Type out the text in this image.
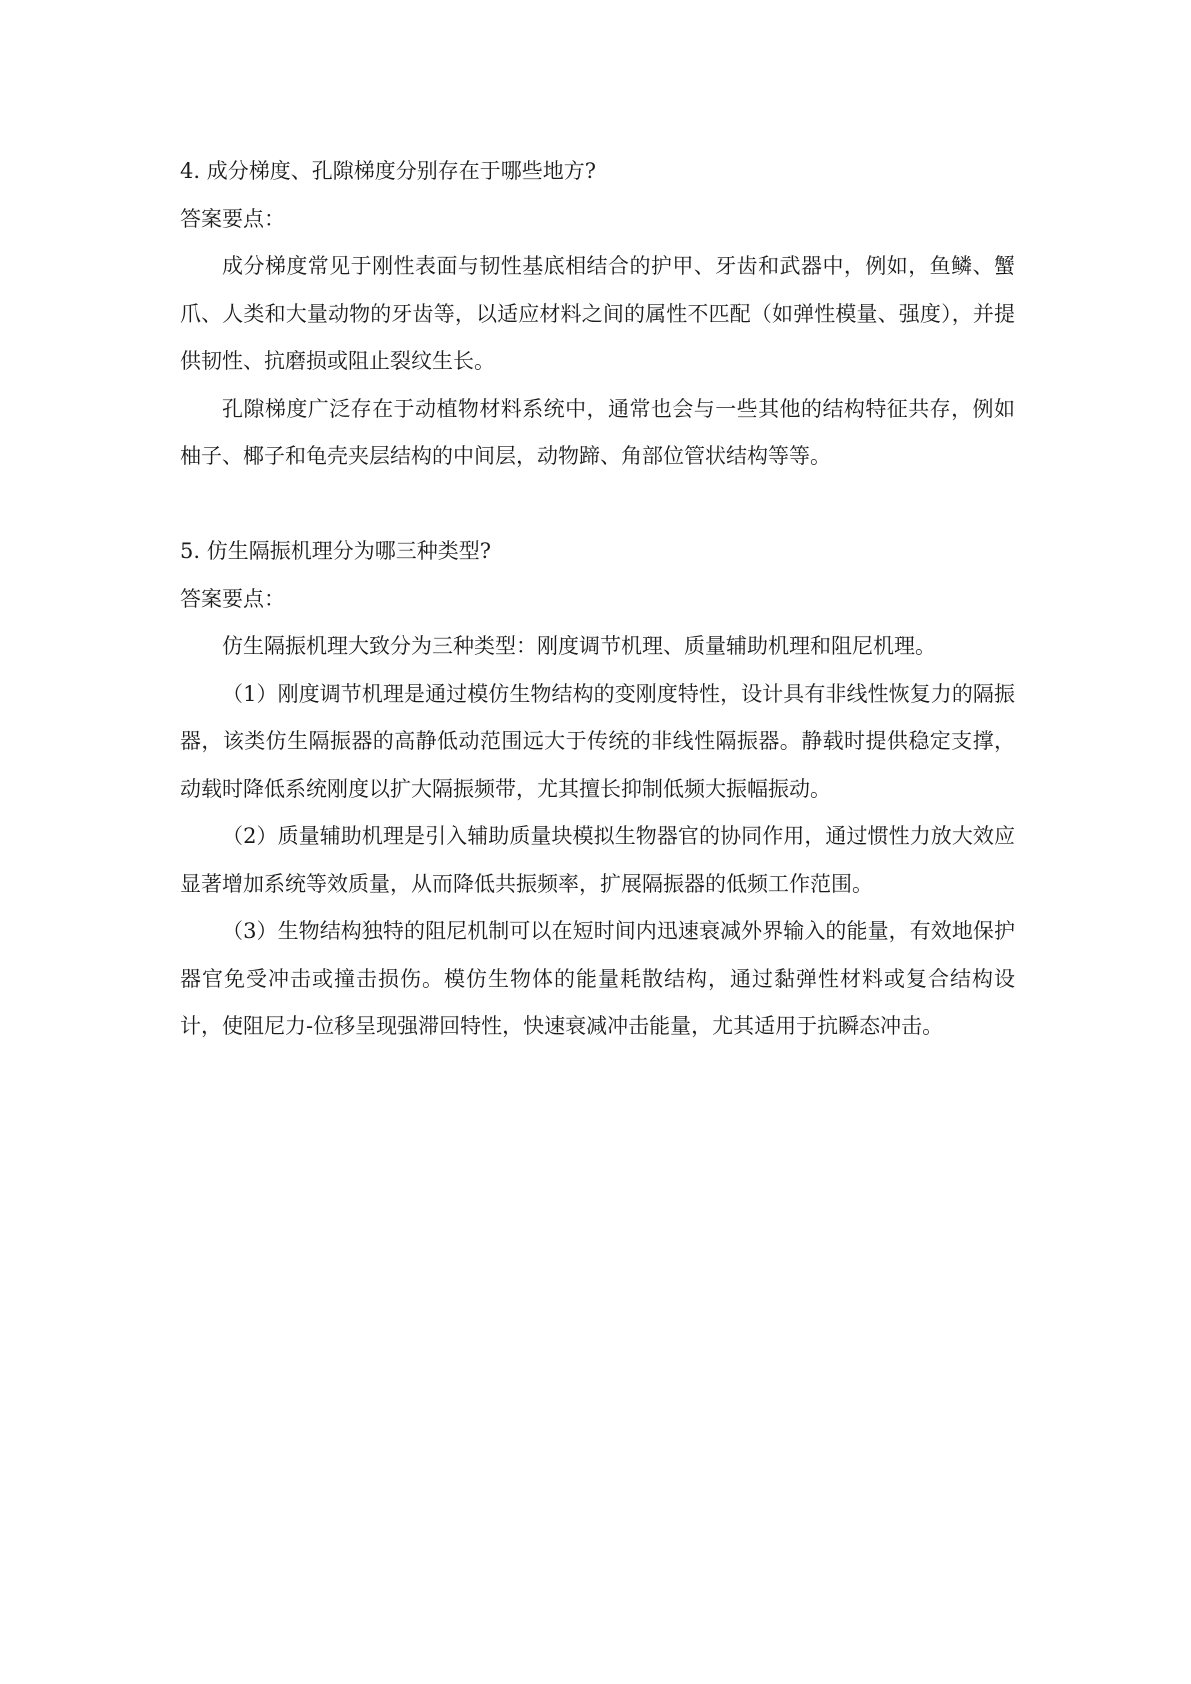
4. 成分梯度、孔隙梯度分别存在于哪些地方?

答案要点：

成分梯度常见于刚性表面与韧性基底相结合的护甲、牙齿和武器中，例如，鱼鳞、蟹爪、人类和大量动物的牙齿等，以适应材料之间的属性不匹配（如弹性模量、强度），并提供韧性、抗磨损或阻止裂纹生长。

孔隙梯度广泛存在于动植物材料系统中，通常也会与一些其他的结构特征共存，例如柚子、椰子和龟壳夹层结构的中间层，动物蹄、角部位管状结构等等。

5. 仿生隔振机理分为哪三种类型?

答案要点：

仿生隔振机理大致分为三种类型：刚度调节机理、质量辅助机理和阻尼机理。

（1）刚度调节机理是通过模仿生物结构的变刚度特性，设计具有非线性恢复力的隔振器，该类仿生隔振器的高静低动范围远大于传统的非线性隔振器。静载时提供稳定支撑，动载时降低系统刚度以扩大隔振频带，尤其擅长抑制低频大振幅振动。

（2）质量辅助机理是引入辅助质量块模拟生物器官的协同作用，通过惯性力放大效应显著增加系统等效质量，从而降低共振频率，扩展隔振器的低频工作范围。

（3）生物结构独特的阻尼机制可以在短时间内迅速衰减外界输入的能量，有效地保护器官免受冲击或撞击损伤。模仿生物体的能量耗散结构，通过黏弹性材料或复合结构设计，使阻尼力-位移呈现强滞回特性，快速衰减冲击能量，尤其适用于抗瞬态冲击。
